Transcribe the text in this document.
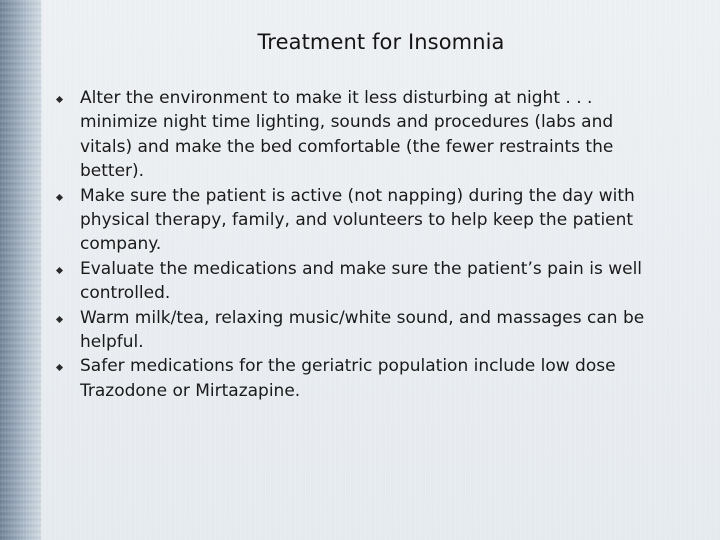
Treatment for Insomnia
Alter the environment to make it less disturbing at night . . . minimize night time lighting, sounds and procedures (labs and vitals) and make the bed comfortable (the fewer restraints the better).
Make sure the patient is active (not napping) during the day with physical therapy, family, and volunteers to help keep the patient company.
Evaluate the medications and make sure the patient’s pain is well controlled.
Warm milk/tea, relaxing music/white sound, and massages can be helpful.
Safer medications for the geriatric population include low dose Trazodone or Mirtazapine.
